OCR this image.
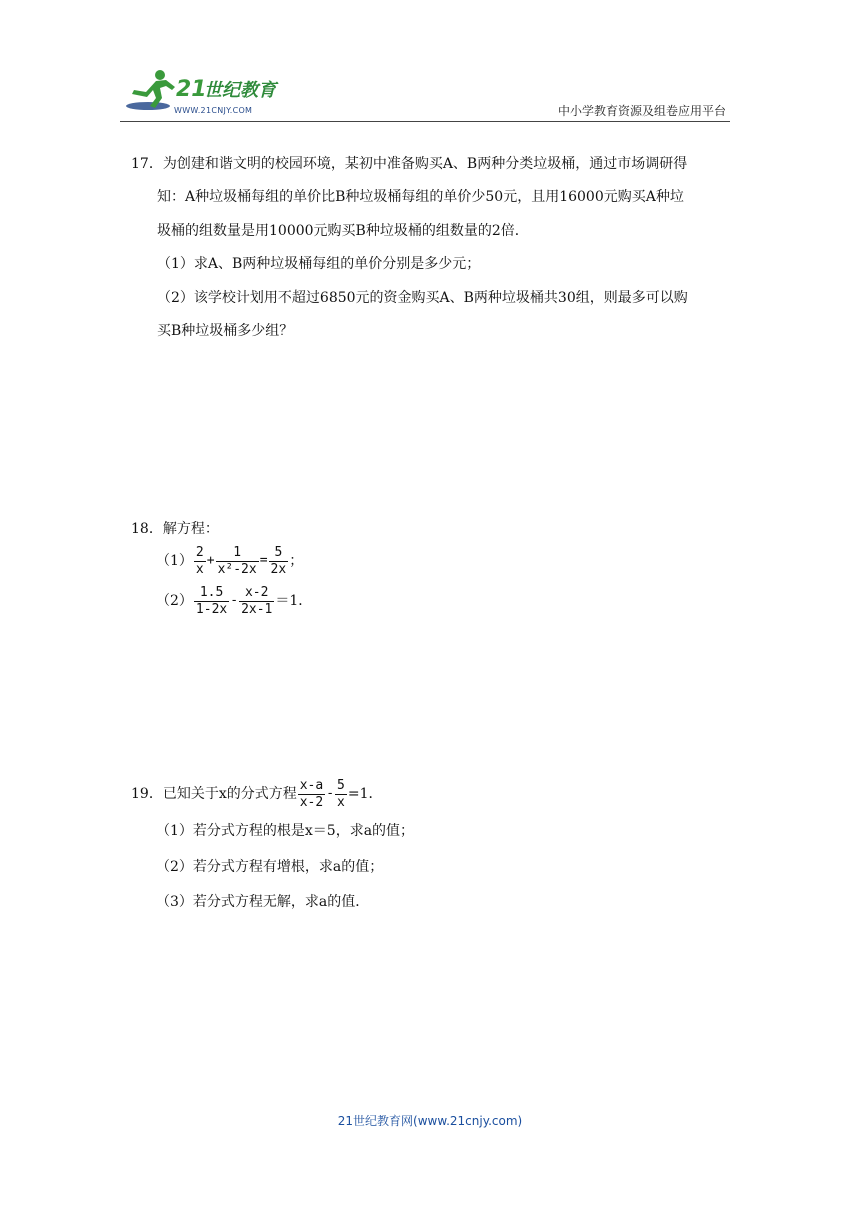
21
世纪教育
WWW.21CNJY.COM	中小学教育资源及组卷应用平台

17．为创建和谐文明的校园环境，某初中准备购买A、B两种分类垃圾桶，通过市场调研得

知：A种垃圾桶每组的单价比B种垃圾桶每组的单价少50元，且用16000元购买A种垃

圾桶的组数量是用10000元购买B种垃圾桶的组数量的2倍．

（1）求A、B两种垃圾桶每组的单价分别是多少元；

（2）该学校计划用不超过6850元的资金购买A、B两种垃圾桶共30组，则最多可以购

买B种垃圾桶多少组？

18．解方程：

$(1) \frac{2}{x} + \frac{1}{\text{x²-2x}} = \frac{5}{2x}$ ；
$(2) \frac{1.5}{1-2x} - \frac{x-2}{2x-1} =1$．
19．已知关于x的分式方程 $\frac{x-a}{x-2} - \frac{5}{x} =1$．

（1）若分式方程的根是x＝5，求a的值；

（2）若分式方程有增根，求a的值；

（3）若分式方程无解，求a的值．

21世纪教育网(www.21cnjy.com)
